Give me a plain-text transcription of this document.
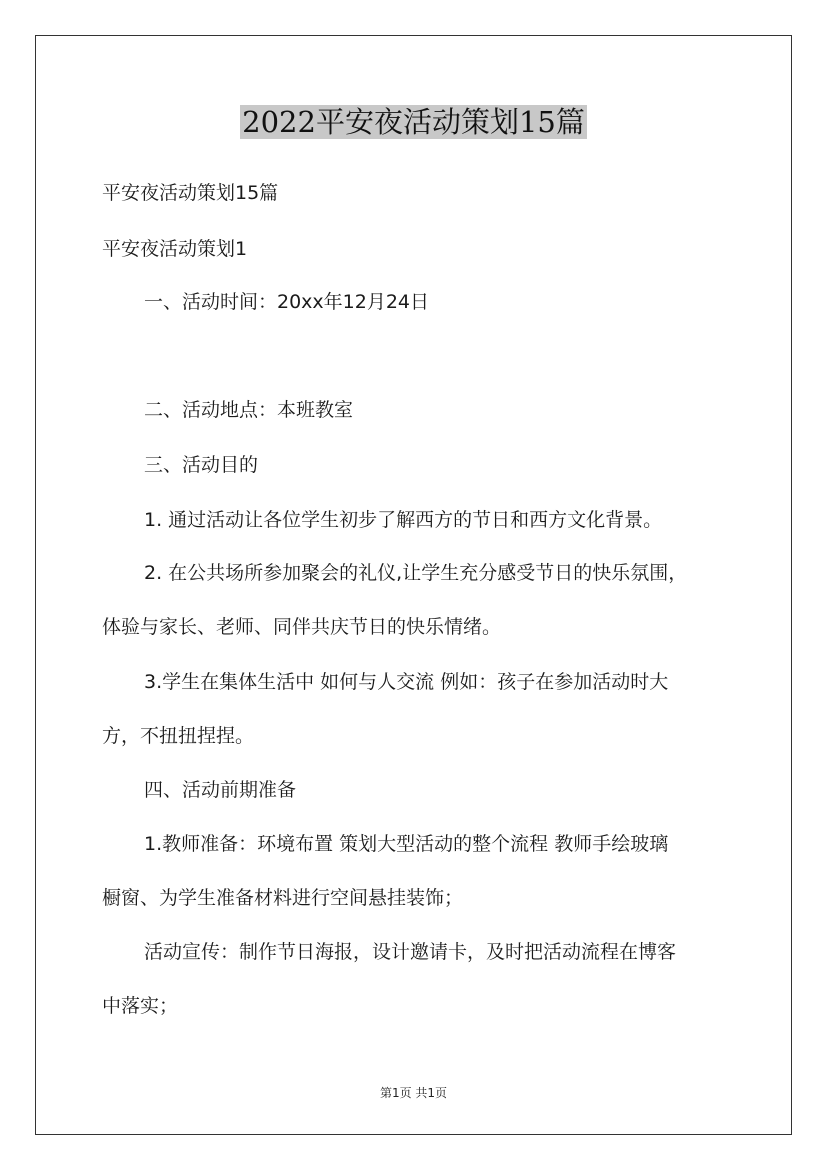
2022平安夜活动策划15篇
平安夜活动策划15篇
平安夜活动策划1
一、活动时间：20xx年12月24日
二、活动地点：本班教室
三、活动目的
1. 通过活动让各位学生初步了解西方的节日和西方文化背景。
2. 在公共场所参加聚会的礼仪,让学生充分感受节日的快乐氛围，
体验与家长、老师、同伴共庆节日的快乐情绪。
3.学生在集体生活中 如何与人交流 例如：孩子在参加活动时大
方，不扭扭捏捏。
四、活动前期准备
1.教师准备：环境布置 策划大型活动的整个流程 教师手绘玻璃
橱窗、为学生准备材料进行空间悬挂装饰；
活动宣传：制作节日海报，设计邀请卡，及时把活动流程在博客
中落实；
第1页 共1页
